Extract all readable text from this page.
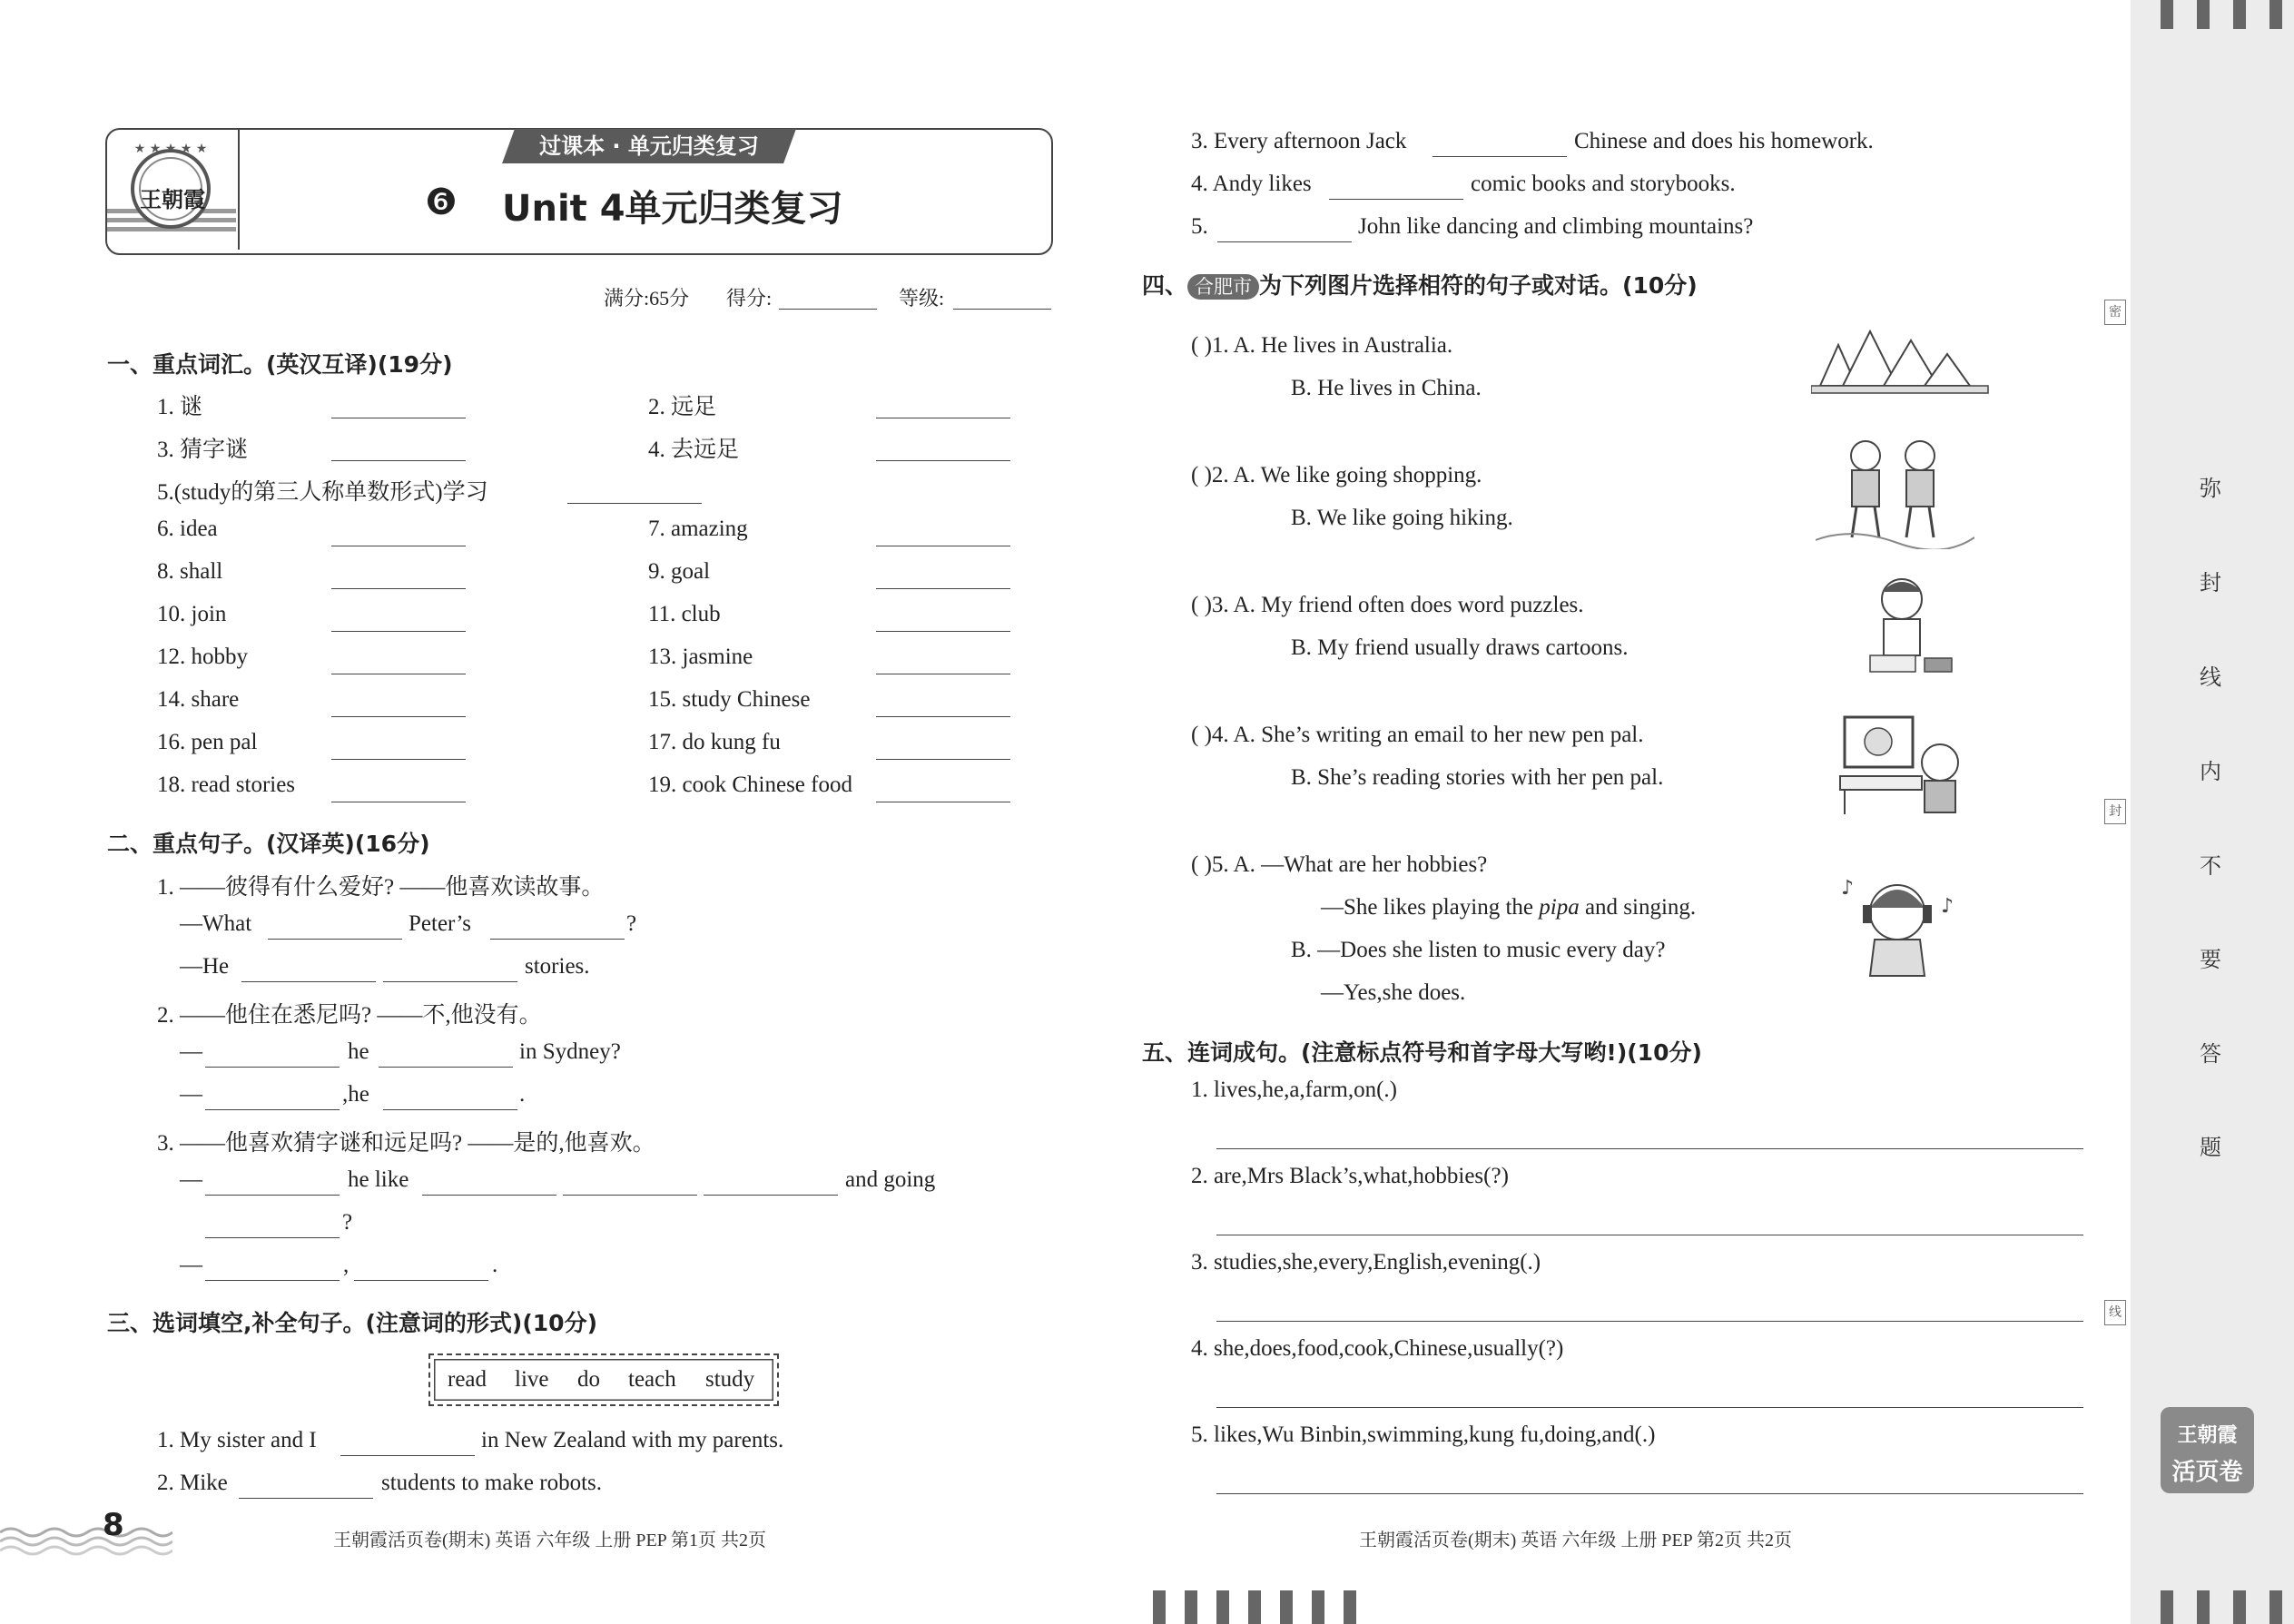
密
封
线
弥
封
线
内
不
要
答
题
王朝霞
活页卷
★ ★ ★ ★ ★
王朝霞
过课本 · 单元归类复习
❻ Unit 4单元归类复习
满分:65分 得分:	等级:
一、重点词汇。(英汉互译)(19分)
1. 谜	2. 远足
3. 猜字谜	4. 去远足
5.(study的第三人称单数形式)学习
6. idea	7. amazing
8. shall	9. goal
10. join	11. club
12. hobby	13. jasmine
14. share	15. study Chinese
16. pen pal	17. do kung fu
18. read stories	19. cook Chinese food
二、重点句子。(汉译英)(16分)
1. ——彼得有什么爱好? ——他喜欢读故事。
—What	Peter’s	?
—He	stories.
2. ——他住在悉尼吗? ——不,他没有。
—	he	in Sydney?
—	,he	.
3. ——他喜欢猜字谜和远足吗? ——是的,他喜欢。
—	he like	and going
?
—	,	.
三、选词填空,补全句子。(注意词的形式)(10分)
read live do teach study
1. My sister and I	in New Zealand with my parents.
2. Mike	students to make robots.
8	王朝霞活页卷(期末) 英语 六年级 上册 PEP 第1页 共2页
3. Every afternoon Jack	Chinese and does his homework.
4. Andy likes	comic books and storybooks.
5.	John like dancing and climbing mountains?
四、 合肥市 为下列图片选择相符的句子或对话。(10分)
( )1. A. He lives in Australia.
B. He lives in China.
( )2. A. We like going shopping.
B. We like going hiking.
( )3. A. My friend often does word puzzles.
B. My friend usually draws cartoons.
( )4. A. She’s writing an email to her new pen pal.
B. She’s reading stories with her pen pal.
( )5. A. —What are her hobbies?
—She likes playing the pipa and singing.
B. —Does she listen to music every day?
—Yes,she does.
♪
♪
五、连词成句。(注意标点符号和首字母大写哟!)(10分)
1. lives,he,a,farm,on(.)
2. are,Mrs Black’s,what,hobbies(?)
3. studies,she,every,English,evening(.)
4. she,does,food,cook,Chinese,usually(?)
5. likes,Wu Binbin,swimming,kung fu,doing,and(.)
王朝霞活页卷(期末) 英语 六年级 上册 PEP 第2页 共2页
